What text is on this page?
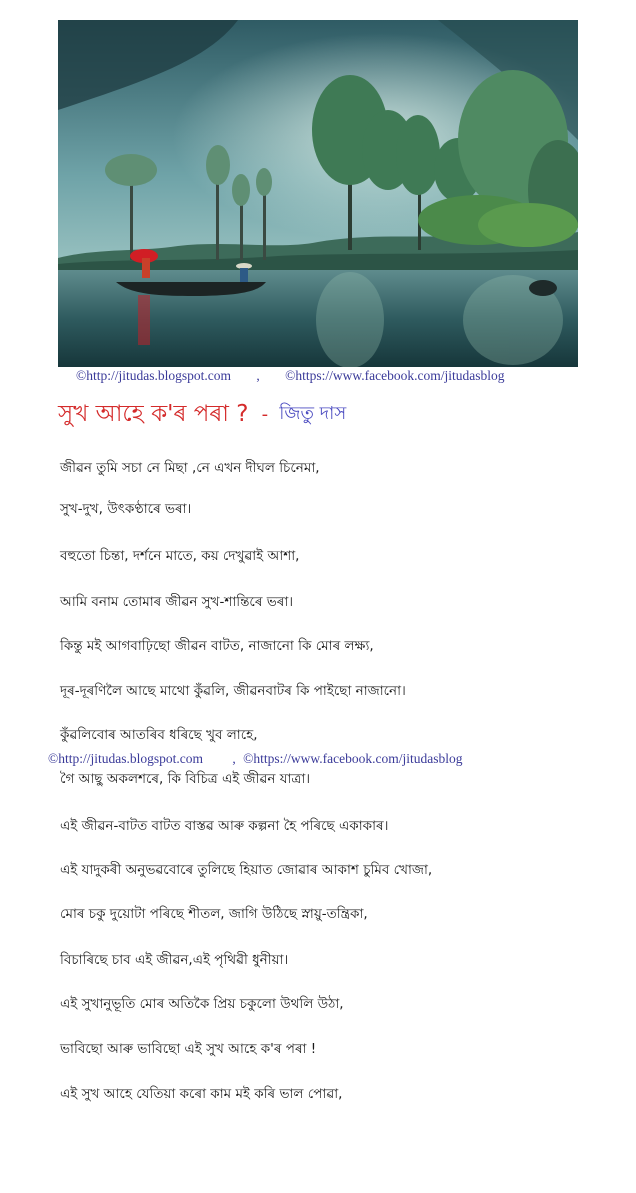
©http://jitudas.blogspot.com , ©https://www.facebook.com/jitudasblog
সুখ আহে ক'ৰ পৰা ? - জিতু দাস
জীৱন তুমি সচা নে মিছা ,নে এখন দীঘল চিনেমা,
সুখ-দুখ, উৎকণ্ঠাৰে ভৰা।
বহুতো চিন্তা, দৰ্শনে মাতে, কয় দেখুৱাই আশা,
আমি বনাম তোমাৰ জীৱন সুখ-শান্তিৰে ভৰা।
কিন্তু মই আগবাঢ়িছো জীৱন বাটত, নাজানো কি মোৰ লক্ষ্য,
দূৰ-দূৰণিলৈ আছে মাথো কুঁৱলি, জীৱনবাটৰ কি পাইছো নাজানো।
কুঁৱলিবোৰ আতৰিব ধৰিছে খুব লাহে,
©http://jitudas.blogspot.com , ©https://www.facebook.com/jitudasblog
গৈ আছু অকলশৰে, কি বিচিত্ৰ এই জীৱন যাত্ৰা।
এই জীৱন-বাটত বাটত বাস্তৱ আৰু কল্পনা হৈ পৰিছে একাকাৰ।
এই যাদুকৰী অনুভৱবোৰে তুলিছে হিয়াত জোৱাৰ আকাশ চুমিব খোজা,
মোৰ চকু দুয়োটা পৰিছে শীতল, জাগি উঠিছে স্নায়ু-তন্ত্ৰিকা,
বিচাৰিছে চাব এই জীৱন,এই পৃথিৱী ধুনীয়া।
এই সুখানুভূতি মোৰ অতিকৈ প্ৰিয় চকুলো উথলি উঠা,
ভাবিছো আৰু ভাবিছো এই সুখ আহে ক'ৰ পৰা !
এই সুখ আহে যেতিয়া কৰো কাম মই কৰি ভাল পোৱা,
